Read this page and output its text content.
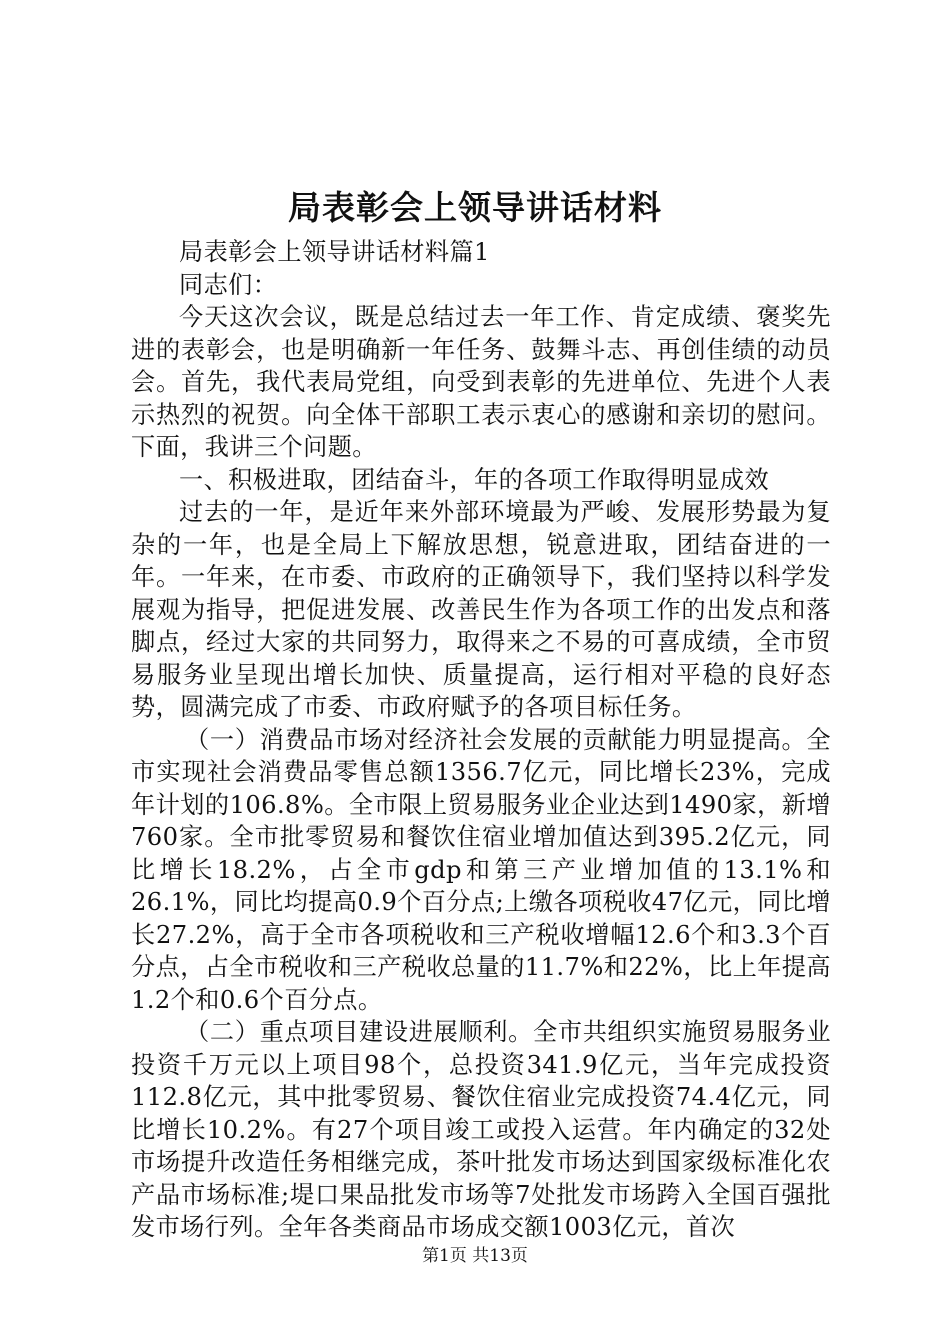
局表彰会上领导讲话材料

局表彰会上领导讲话材料篇1

同志们：

今天这次会议，既是总结过去一年工作、肯定成绩、褒奖先进的表彰会，也是明确新一年任务、鼓舞斗志、再创佳绩的动员会。首先，我代表局党组，向受到表彰的先进单位、先进个人表示热烈的祝贺。向全体干部职工表示衷心的感谢和亲切的慰问。下面，我讲三个问题。

一、积极进取，团结奋斗，年的各项工作取得明显成效

过去的一年，是近年来外部环境最为严峻、发展形势最为复杂的一年，也是全局上下解放思想，锐意进取，团结奋进的一年。一年来，在市委、市政府的正确领导下，我们坚持以科学发展观为指导，把促进发展、改善民生作为各项工作的出发点和落脚点，经过大家的共同努力，取得来之不易的可喜成绩，全市贸易服务业呈现出增长加快、质量提高，运行相对平稳的良好态势，圆满完成了市委、市政府赋予的各项目标任务。

（一）消费品市场对经济社会发展的贡献能力明显提高。全市实现社会消费品零售总额1356.7亿元，同比增长23%，完成年计划的106.8%。全市限上贸易服务业企业达到1490家，新增760家。全市批零贸易和餐饮住宿业增加值达到395.2亿元，同比增长18.2%，占全市gdp和第三产业增加值的13.1%和26.1%，同比均提高0.9个百分点;上缴各项税收47亿元，同比增长27.2%，高于全市各项税收和三产税收增幅12.6个和3.3个百分点，占全市税收和三产税收总量的11.7%和22%，比上年提高1.2个和0.6个百分点。

（二）重点项目建设进展顺利。全市共组织实施贸易服务业投资千万元以上项目98个，总投资341.9亿元，当年完成投资112.8亿元，其中批零贸易、餐饮住宿业完成投资74.4亿元，同比增长10.2%。有27个项目竣工或投入运营。年内确定的32处市场提升改造任务相继完成，茶叶批发市场达到国家级标准化农产品市场标准;堤口果品批发市场等7处批发市场跨入全国百强批发市场行列。全年各类商品市场成交额1003亿元，首次

第1页 共13页
